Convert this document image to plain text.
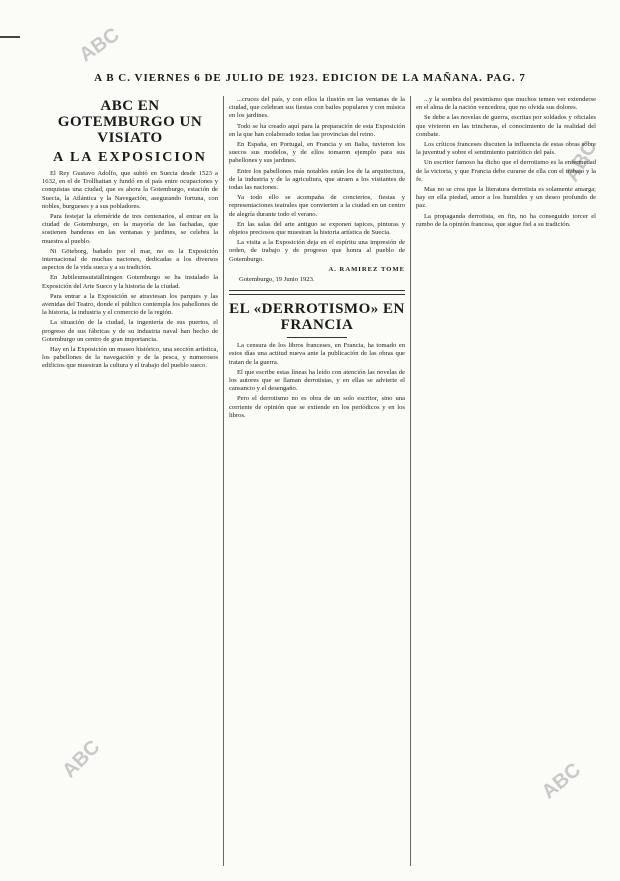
ABC
ABC
ABC	ABC
A B C. VIERNES 6 DE JULIO DE 1923. EDICION DE LA MAÑANA. PAG. 7
ABC EN GOTEMBURGO UN VISIATO
A LA EXPOSICION

El Rey Gustavo Adolfo, que subió en Suecia desde 1523 a 1632, en el de Trollhattan y fundó en el país entre ocupaciones y conquistas una ciudad, que es ahora la Gotemburgo, estación de Suecia, la Atlántica y la Navegación, asegurando fortuna, con nobles, burgueses y a sus pobladores.

Para festejar la efeméride de tres centenarios, al entrar en la ciudad de Gotemburgo, en la mayoría de las fachadas, que sostienen banderas en las ventanas y jardines, se celebra la muestra al pueblo.

Ni Göteborg, bañado por el mar, no es la Exposición internacional de muchas naciones, dedicadas a los diversos aspectos de la vida sueca y a su tradición.

En Jubileumsutställningen Gotemburgo se ha instalado la Exposición del Arte Sueco y la historia de la ciudad.

Para entrar a la Exposición se atraviesan los parques y las avenidas del Teatro, donde el público contempla los pabellones de la historia, la industria y el comercio de la región.

La situación de la ciudad, la ingeniería de sus puertos, el progreso de sus fábricas y de su industria naval han hecho de Gotemburgo un centro de gran importancia.

Hay en la Exposición un museo histórico, una sección artística, los pabellones de la navegación y de la pesca, y numerosos edificios que muestran la cultura y el trabajo del pueblo sueco.

...cruces del país, y con ellos la ilusión en las ventanas de la ciudad, que celebran sus fiestas con bailes populares y con música en los jardines.

Todo se ha creado aquí para la preparación de esta Exposición en la que han colaborado todas las provincias del reino.

En España, en Portugal, en Francia y en Italia, tuvieron los suecos sus modelos, y de ellos tomaron ejemplo para sus pabellones y sus jardines.

Entre los pabellones más notables están los de la arquitectura, de la industria y de la agricultura, que atraen a los visitantes de todas las naciones.

Ya todo ello se acompaña de conciertos, fiestas y representaciones teatrales que convierten a la ciudad en un centro de alegría durante todo el verano.

En las salas del arte antiguo se exponen tapices, pinturas y objetos preciosos que muestran la historia artística de Suecia.

La visita a la Exposición deja en el espíritu una impresión de orden, de trabajo y de progreso que honra al pueblo de Gotemburgo.

A. RAMIREZ TOME
Gotemburgo, 19 Junio 1923.
EL «DERROTISMO» EN FRANCIA

La censura de los libros franceses, en Francia, ha tomado en estos días una actitud nueva ante la publicación de las obras que tratan de la guerra.

El que escribe estas líneas ha leído con atención las novelas de los autores que se llaman derrotistas, y en ellas se advierte el cansancio y el desengaño.

Pero el derrotismo no es obra de un solo escritor, sino una corriente de opinión que se extiende en los periódicos y en los libros.

...y la sombra del pesimismo que muchos temen ver extenderse en el alma de la nación vencedora, que no olvida sus dolores.

Se debe a las novelas de guerra, escritas por soldados y oficiales que vivieron en las trincheras, el conocimiento de la realidad del combate.

Los críticos franceses discuten la influencia de estas obras sobre la juventud y sobre el sentimiento patriótico del país.

Un escritor famoso ha dicho que el derrotismo es la enfermedad de la victoria, y que Francia debe curarse de ella con el trabajo y la fe.

Mas no se crea que la literatura derrotista es solamente amarga; hay en ella piedad, amor a los humildes y un deseo profundo de paz.

La propaganda derrotista, en fin, no ha conseguido torcer el rumbo de la opinión francesa, que sigue fiel a su tradición.
